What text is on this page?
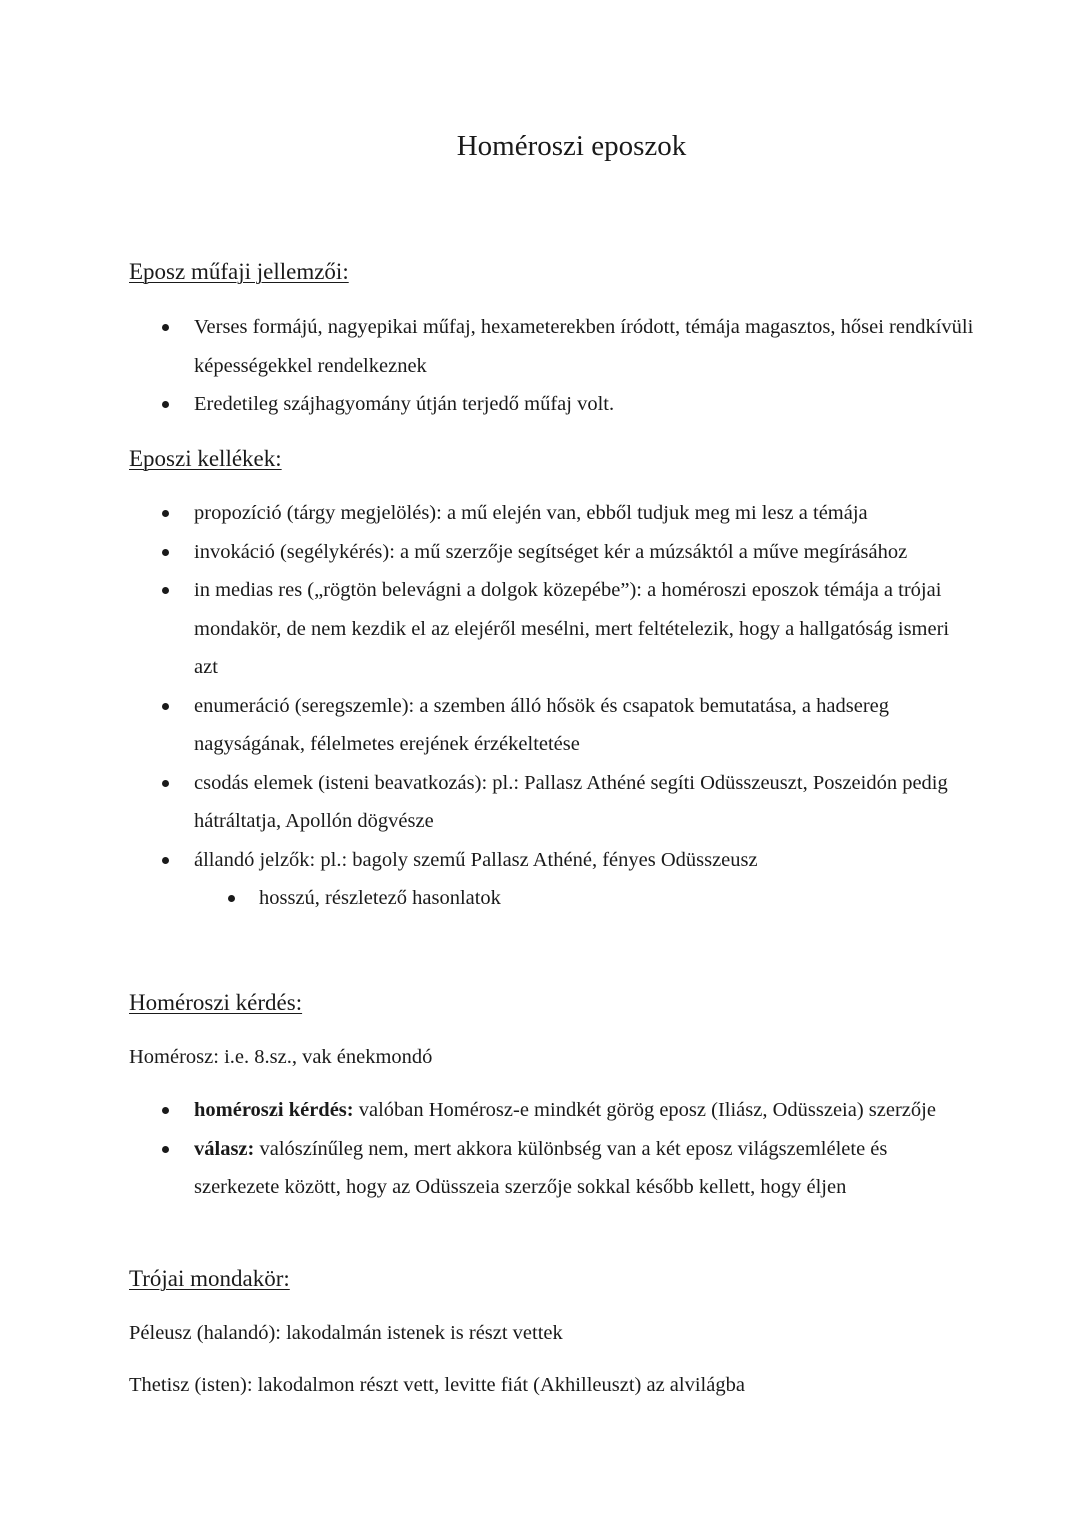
Homéroszi eposzok
Eposz műfaji jellemzői:
Verses formájú, nagyepikai műfaj, hexameterekben íródott, témája magasztos, hősei rendkívüli képességekkel rendelkeznek
Eredetileg szájhagyomány útján terjedő műfaj volt.
Eposzi kellékek:
propozíció (tárgy megjelölés): a mű elején van, ebből tudjuk meg mi lesz a témája
invokáció (segélykérés): a mű szerzője segítséget kér a múzsáktól a műve megírásához
in medias res („rögtön belevágni a dolgok közepébe”): a homéroszi eposzok témája a trójai mondakör, de nem kezdik el az elejéről mesélni, mert feltételezik, hogy a hallgatóság ismeri azt
enumeráció (seregszemle): a szemben álló hősök és csapatok bemutatása, a hadsereg nagyságának, félelmetes erejének érzékeltetése
csodás elemek (isteni beavatkozás): pl.: Pallasz Athéné segíti Odüsszeuszt, Poszeidón pedig hátráltatja, Apollón dögvésze
állandó jelzők: pl.: bagoly szemű Pallasz Athéné, fényes Odüsszeusz
hosszú, részletező hasonlatok
Homéroszi kérdés:

Homérosz: i.e. 8.sz., vak énekmondó

homéroszi kérdés: valóban Homérosz-e mindkét görög eposz (Iliász, Odüsszeia) szerzője
válasz: valószínűleg nem, mert akkora különbség van a két eposz világszemlélete és szerkezete között, hogy az Odüsszeia szerzője sokkal később kellett, hogy éljen
Trójai mondakör:

Péleusz (halandó): lakodalmán istenek is részt vettek

Thetisz (isten): lakodalmon részt vett, levitte fiát (Akhilleuszt) az alvilágba
